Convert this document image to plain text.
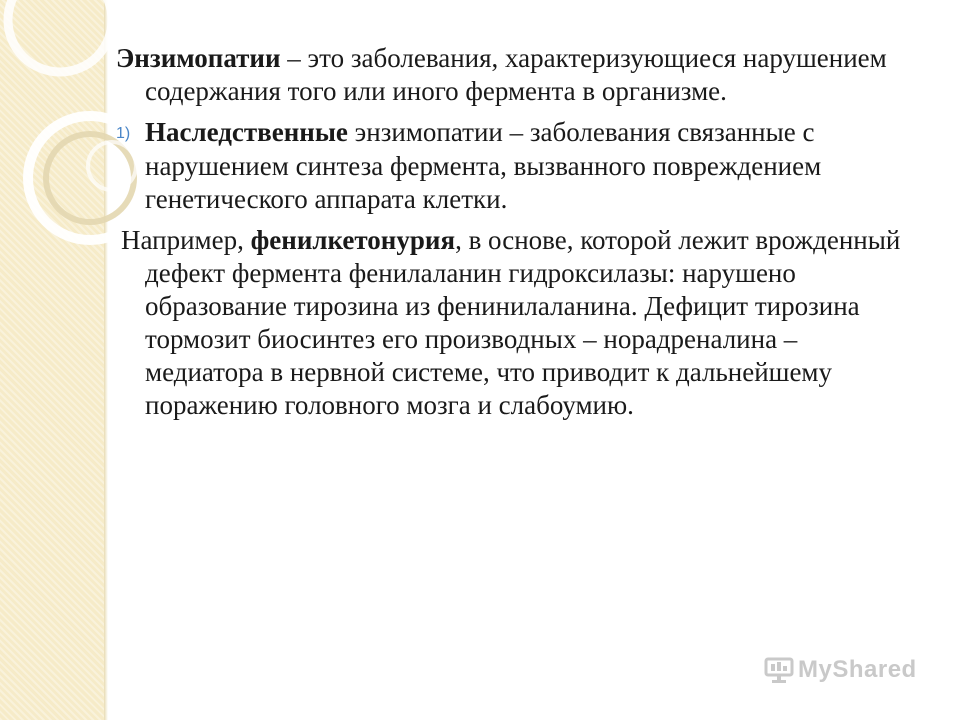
Энзимопатии – это заболевания, характеризующиеся нарушением содержания того или иного фермента в организме.

1) Наследственные энзимопатии – заболевания связанные с нарушением синтеза фермента, вызванного повреждением генетического аппарата клетки.

Например, фенилкетонурия, в основе, которой лежит врожденный дефект фермента фенилаланин гидроксилазы: нарушено образование тирозина из фенинилаланина. Дефицит тирозина тормозит биосинтез его производных – норадреналина – медиатора в нервной системе, что приводит к дальнейшему поражению головного мозга и слабоумию.

MyShared
